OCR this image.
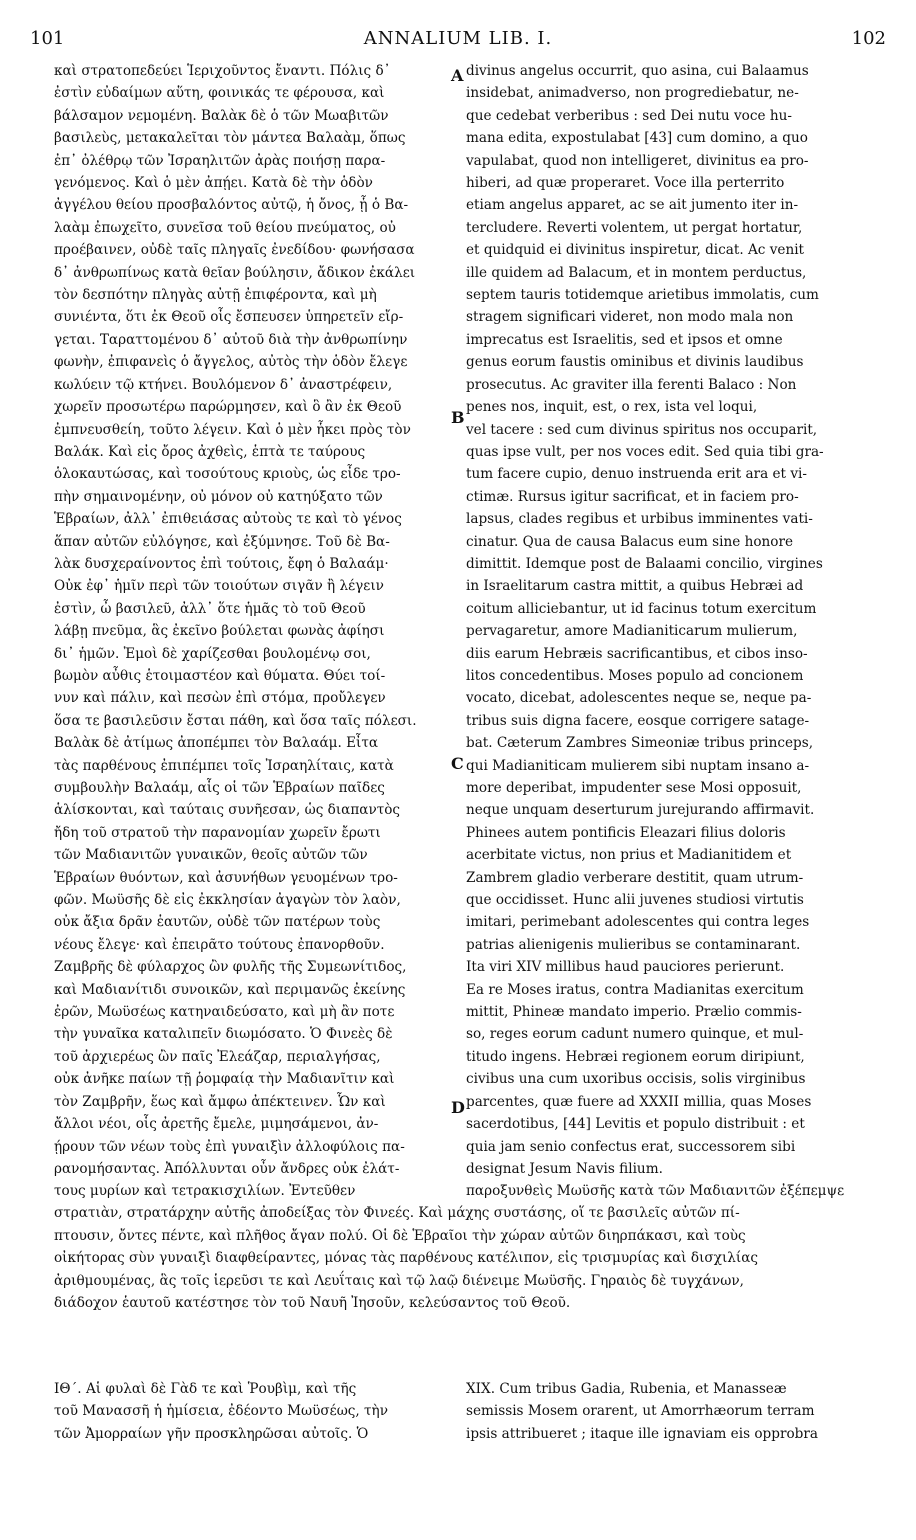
101	ANNALIUM LIB. I.	102
A
B
C
D
καὶ στρατοπεδεύει Ἱεριχοῦντος ἔναντι. Πόλις δ᾽
ἐστὶν εὐδαίμων αὕτη, φοινικάς τε φέρουσα, καὶ
βάλσαμον νεμομένη. Βαλὰκ δὲ ὁ τῶν Μωαβιτῶν
βασιλεὺς, μετακαλεῖται τὸν μάντεα Βαλαὰμ, ὅπως
ἐπ᾽ ὀλέθρῳ τῶν Ἰσραηλιτῶν ἀρὰς ποιήσῃ παρα-
γενόμενος. Καὶ ὁ μὲν ἀπῄει. Κατὰ δὲ τὴν ὁδὸν
ἀγγέλου θείου προσβαλόντος αὐτῷ, ἡ ὄνος, ᾗ ὁ Βα-
λαὰμ ἐπωχεῖτο, συνεῖσα τοῦ θείου πνεύματος, οὐ
προέβαινεν, οὐδὲ ταῖς πληγαῖς ἐνεδίδου· φωνήσασα
δ᾽ ἀνθρωπίνως κατὰ θεῖαν βούλησιν, ἄδικον ἐκάλει
τὸν δεσπότην πληγὰς αὐτῇ ἐπιφέροντα, καὶ μὴ
συνιέντα, ὅτι ἐκ Θεοῦ οἷς ἔσπευσεν ὑπηρετεῖν εἴρ-
γεται. Ταραττομένου δ᾽ αὐτοῦ διὰ τὴν ἀνθρωπίνην
φωνὴν, ἐπιφανεὶς ὁ ἄγγελος, αὐτὸς τὴν ὁδὸν ἔλεγε
κωλύειν τῷ κτήνει. Βουλόμενον δ᾽ ἀναστρέφειν,
χωρεῖν προσωτέρω παρώρμησεν, καὶ ὃ ἂν ἐκ Θεοῦ
ἐμπνευσθείη, τοῦτο λέγειν. Καὶ ὁ μὲν ἧκει πρὸς τὸν
Βαλάκ. Καὶ εἰς ὄρος ἀχθεὶς, ἑπτὰ τε ταύρους
ὁλοκαυτώσας, καὶ τοσούτους κριοὺς, ὡς εἶδε τρο-
πὴν σημαινομένην, οὐ μόνον οὐ κατηύξατο τῶν
Ἑβραίων, ἀλλ᾽ ἐπιθειάσας αὐτοὺς τε καὶ τὸ γένος
ἅπαν αὐτῶν εὐλόγησε, καὶ ἐξύμνησε. Τοῦ δὲ Βα-
λὰκ δυσχεραίνοντος ἐπὶ τούτοις, ἔφη ὁ Βαλαάμ·
Οὐκ ἐφ᾽ ἡμῖν περὶ τῶν τοιούτων σιγᾶν ἢ λέγειν
ἐστὶν, ὦ βασιλεῦ, ἀλλ᾽ ὅτε ἡμᾶς τὸ τοῦ Θεοῦ
λάβῃ πνεῦμα, ἃς ἐκεῖνο βούλεται φωνὰς ἀφίησι
δι᾽ ἡμῶν. Ἐμοὶ δὲ χαρίζεσθαι βουλομένῳ σοι,
βωμὸν αὖθις ἑτοιμαστέον καὶ θύματα. Θύει τοί-
νυν καὶ πάλιν, καὶ πεσὼν ἐπὶ στόμα, προὔλεγεν
ὅσα τε βασιλεῦσιν ἔσται πάθη, καὶ ὅσα ταῖς πόλεσι.
Βαλὰκ δὲ ἀτίμως ἀποπέμπει τὸν Βαλαάμ. Εἶτα
τὰς παρθένους ἐπιπέμπει τοῖς Ἰσραηλίταις, κατὰ
συμβουλὴν Βαλαάμ, αἷς οἱ τῶν Ἑβραίων παῖδες
ἁλίσκονται, καὶ ταύταις συνῆεσαν, ὡς διαπαντὸς
ἤδη τοῦ στρατοῦ τὴν παρανομίαν χωρεῖν ἔρωτι
τῶν Μαδιανιτῶν γυναικῶν, θεοῖς αὐτῶν τῶν
Ἑβραίων θυόντων, καὶ ἀσυνήθων γευομένων τρο-
φῶν. Μωϋσῆς δὲ εἰς ἐκκλησίαν ἀγαγὼν τὸν λαὸν,
οὐκ ἄξια δρᾶν ἑαυτῶν, οὐδὲ τῶν πατέρων τοὺς
νέους ἔλεγε· καὶ ἐπειρᾶτο τούτους ἐπανορθοῦν.
Ζαμβρῆς δὲ φύλαρχος ὢν φυλῆς τῆς Συμεωνίτιδος,
καὶ Μαδιανίτιδι συνοικῶν, καὶ περιμανῶς ἐκείνης
ἐρῶν, Μωϋσέως κατηναιδεύσατο, καὶ μὴ ἂν ποτε
τὴν γυναῖκα καταλιπεῖν διωμόσατο. Ὁ Φινεὲς δὲ
τοῦ ἀρχιερέως ὢν παῖς Ἐλεάζαρ, περιαλγήσας,
οὐκ ἀνῆκε παίων τῇ ῥομφαίᾳ τὴν Μαδιανῖτιν καὶ
τὸν Ζαμβρῆν, ἕως καὶ ἄμφω ἀπέκτεινεν. Ὧν καὶ
ἄλλοι νέοι, οἷς ἀρετῆς ἔμελε, μιμησάμενοι, ἀν-
ῄρουν τῶν νέων τοὺς ἐπὶ γυναιξὶν ἀλλοφύλοις πα-
ρανομήσαντας. Ἀπόλλυνται οὖν ἄνδρες οὐκ ἐλάτ-
τους μυρίων καὶ τετρακισχιλίων. Ἐντεῦθεν
divinus angelus occurrit, quo asina, cui Balaamus
insidebat, animadverso, non progrediebatur, ne-
que cedebat verberibus : sed Dei nutu voce hu-
mana edita, expostulabat [43] cum domino, a quo
vapulabat, quod non intelligeret, divinitus ea pro-
hiberi, ad quæ properaret. Voce illa perterrito
etiam angelus apparet, ac se ait jumento iter in-
tercludere. Reverti volentem, ut pergat hortatur,
et quidquid ei divinitus inspiretur, dicat. Ac venit
ille quidem ad Balacum, et in montem perductus,
septem tauris totidemque arietibus immolatis, cum
stragem significari videret, non modo mala non
imprecatus est Israelitis, sed et ipsos et omne
genus eorum faustis ominibus et divinis laudibus
prosecutus. Ac graviter illa ferenti Balaco : Non
penes nos, inquit, est, o rex, ista vel loqui,
vel tacere : sed cum divinus spiritus nos occuparit,
quas ipse vult, per nos voces edit. Sed quia tibi gra-
tum facere cupio, denuo instruenda erit ara et vi-
ctimæ. Rursus igitur sacrificat, et in faciem pro-
lapsus, clades regibus et urbibus imminentes vati-
cinatur. Qua de causa Balacus eum sine honore
dimittit. Idemque post de Balaami concilio, virgines
in Israelitarum castra mittit, a quibus Hebræi ad
coitum alliciebantur, ut id facinus totum exercitum
pervagaretur, amore Madianiticarum mulierum,
diis earum Hebræis sacrificantibus, et cibos inso-
litos concedentibus. Moses populo ad concionem
vocato, dicebat, adolescentes neque se, neque pa-
tribus suis digna facere, eosque corrigere satage-
bat. Cæterum Zambres Simeoniæ tribus princeps,
qui Madianiticam mulierem sibi nuptam insano a-
more deperibat, impudenter sese Mosi opposuit,
neque unquam deserturum jurejurando affirmavit.
Phinees autem pontificis Eleazari filius doloris
acerbitate victus, non prius et Madianitidem et
Zambrem gladio verberare destitit, quam utrum-
que occidisset. Hunc alii juvenes studiosi virtutis
imitari, perimebant adolescentes qui contra leges
patrias alienigenis mulieribus se contaminarant.
Ita viri XIV millibus haud pauciores perierunt.
Ea re Moses iratus, contra Madianitas exercitum
mittit, Phineæ mandato imperio. Prælio commis-
so, reges eorum cadunt numero quinque, et mul-
titudo ingens. Hebræi regionem eorum diripiunt,
civibus una cum uxoribus occisis, solis virginibus
parcentes, quæ fuere ad XXXII millia, quas Moses
sacerdotibus, [44] Levitis et populo distribuit : et
quia jam senio confectus erat, successorem sibi
designat Jesum Navis filium.
παροξυνθεὶς Μωϋσῆς κατὰ τῶν Μαδιανιτῶν ἐξέπεμψε
στρατιὰν, στρατάρχην αὐτῆς ἀποδείξας τὸν Φινεές. Καὶ μάχης συστάσης, οἵ τε βασιλεῖς αὐτῶν πί-
πτουσιν, ὄντες πέντε, καὶ πλῆθος ἄγαν πολύ. Οἱ δὲ Ἑβραῖοι τὴν χώραν αὐτῶν διηρπάκασι, καὶ τοὺς
οἰκήτορας σὺν γυναιξὶ διαφθείραντες, μόνας τὰς παρθένους κατέλιπον, εἰς τρισμυρίας καὶ δισχιλίας
ἀριθμουμένας, ἃς τοῖς ἱερεῦσι τε καὶ Λευΐταις καὶ τῷ λαῷ διένειμε Μωϋσῆς. Γηραιὸς δὲ τυγχάνων,
διάδοχον ἑαυτοῦ κατέστησε τὸν τοῦ Ναυῆ Ἰησοῦν, κελεύσαντος τοῦ Θεοῦ.
ΙΘ´. Αἱ φυλαὶ δὲ Γὰδ τε καὶ Ῥουβὶμ, καὶ τῆς
τοῦ Μανασσῆ ἡ ἡμίσεια, ἐδέοντο Μωϋσέως, τὴν
τῶν Ἀμορραίων γῆν προσκληρῶσαι αὐτοῖς. Ὁ
XIX. Cum tribus Gadia, Rubenia, et Manasseæ
semissis Mosem orarent, ut Amorrhæorum terram
ipsis attribueret ; itaque ille ignaviam eis opprobra
